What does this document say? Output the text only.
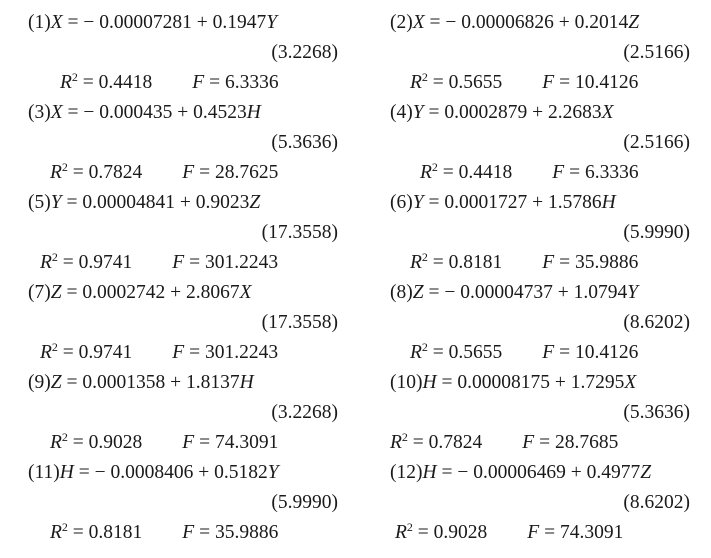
(1)X = − 0.00007281 + 0.1947Y
(3.2268)
$R^2 = 0.4418$ F = 6.3336
(3)X = − 0.000435 + 0.4523H
(5.3636)
$R^2 = 0.7824$ F = 28.7625
(5)Y = 0.00004841 + 0.9023Z
(17.3558)
$R^2 = 0.9741$ F = 301.2243
(7)Z = 0.0002742 + 2.8067X
(17.3558)
$R^2 = 0.9741$ F = 301.2243
(9)Z = 0.0001358 + 1.8137H
(3.2268)
$R^2 = 0.9028$ F = 74.3091
(11)H = − 0.0008406 + 0.5182Y
(5.9990)
$R^2 = 0.8181$ F = 35.9886
(2)X = − 0.00006826 + 0.2014Z
(2.5166)
$R^2 = 0.5655$ F = 10.4126
(4)Y = 0.0002879 + 2.2683X
(2.5166)
$R^2 = 0.4418$ F = 6.3336
(6)Y = 0.0001727 + 1.5786H
(5.9990)
$R^2 = 0.8181$ F = 35.9886
(8)Z = − 0.00004737 + 1.0794Y
(8.6202)
$R^2 = 0.5655$ F = 10.4126
(10)H = 0.00008175 + 1.7295X
(5.3636)
$R^2 = 0.7824$ F = 28.7685
(12)H = − 0.00006469 + 0.4977Z
(8.6202)
$R^2 = 0.9028$ F = 74.3091
